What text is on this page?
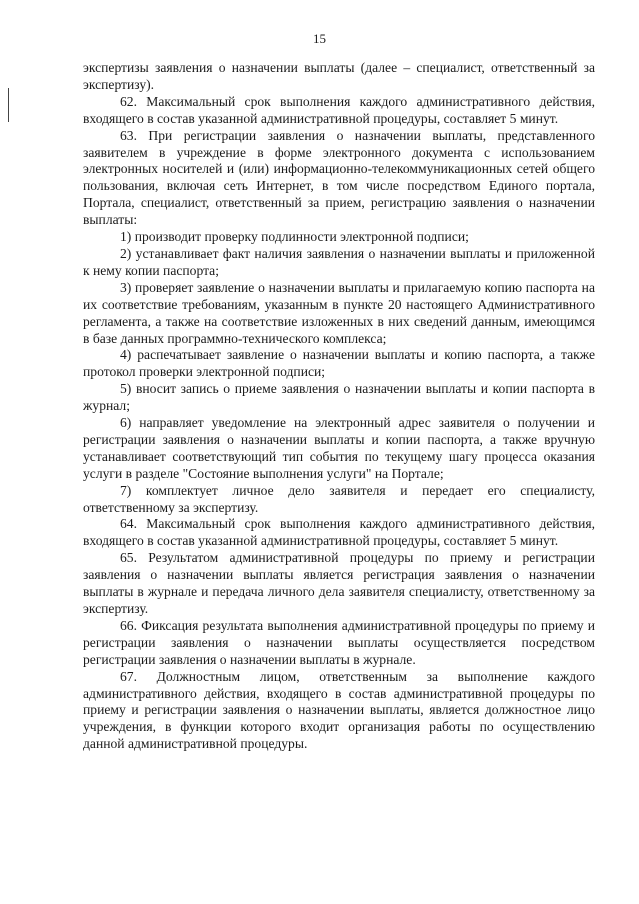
15

экспертизы заявления о назначении выплаты (далее – специалист, ответственный за экспертизу).

62. Максимальный срок выполнения каждого административного действия, входящего в состав указанной административной процедуры, составляет 5 минут.

63. При регистрации заявления о назначении выплаты, представленного заявителем в учреждение в форме электронного документа с использованием электронных носителей и (или) информационно-телекоммуникационных сетей общего пользования, включая сеть Интернет, в том числе посредством Единого портала, Портала, специалист, ответственный за прием, регистрацию заявления о назначении выплаты:

1) производит проверку подлинности электронной подписи;

2) устанавливает факт наличия заявления о назначении выплаты и приложенной к нему копии паспорта;

3) проверяет заявление о назначении выплаты и прилагаемую копию паспорта на их соответствие требованиям, указанным в пункте 20 настоящего Административного регламента, а также на соответствие изложенных в них сведений данным, имеющимся в базе данных программно-технического комплекса;

4) распечатывает заявление о назначении выплаты и копию паспорта, а также протокол проверки электронной подписи;

5) вносит запись о приеме заявления о назначении выплаты и копии паспорта в журнал;

6) направляет уведомление на электронный адрес заявителя о получении и регистрации заявления о назначении выплаты и копии паспорта, а также вручную устанавливает соответствующий тип события по текущему шагу процесса оказания услуги в разделе "Состояние выполнения услуги" на Портале;

7) комплектует личное дело заявителя и передает его специалисту, ответственному за экспертизу.

64. Максимальный срок выполнения каждого административного действия, входящего в состав указанной административной процедуры, составляет 5 минут.

65. Результатом административной процедуры по приему и регистрации заявления о назначении выплаты является регистрация заявления о назначении выплаты в журнале и передача личного дела заявителя специалисту, ответственному за экспертизу.

66. Фиксация результата выполнения административной процедуры по приему и регистрации заявления о назначении выплаты осуществляется посредством регистрации заявления о назначении выплаты в журнале.

67. Должностным лицом, ответственным за выполнение каждого административного действия, входящего в состав административной процедуры по приему и регистрации заявления о назначении выплаты, является должностное лицо учреждения, в функции которого входит организация работы по осуществлению данной административной процедуры.
